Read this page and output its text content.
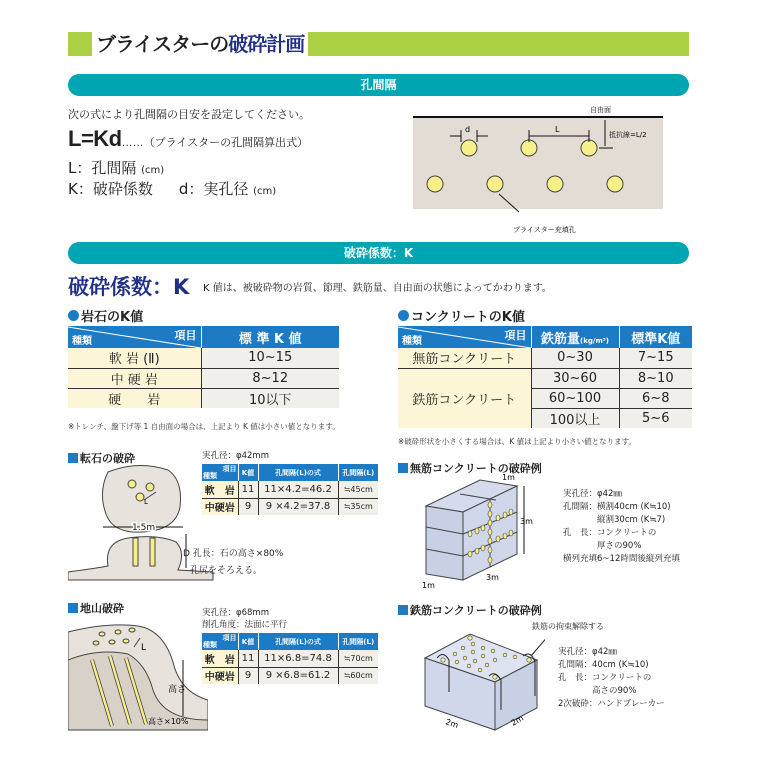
ブライスターの破砕計画
孔間隔
次の式により孔間隔の目安を設定してください。
L=Kd……（ブライスターの孔間隔算出式）
L：孔間隔 (cm)
K：破砕係数 d：実孔径 (cm)
d	L
自由面
抵抗線=L/2
ブライスター充填孔
破砕係数：K
破砕係数：K K 値は、被破砕物の岩質、節理、鉄筋量、自由面の状態によってかわります。
岩石のK値
項目
種類	標 準 K 値
軟 岩 (Ⅱ)	10~15
中 硬 岩	8~12
硬　　岩	10以下
※トレンチ、盤下げ等 1 自由面の場合は、上記より K 値は小さい値となります。
コンクリートのK値
項目
種類	鉄筋量(kg/m³)	標準K値
無筋コンクリート	0~30	7~15
鉄筋コンクリート	30~60	8~10
	60~100	6~8
	100以上	5~6
※破砕形状を小さくする場合は、K 値は上記より小さい値となります。
転石の破砕
L
1.5m
D 孔長：石の高さ×80%
孔尻をそろえる。
実孔径：φ42mm
項目
種類	K値	孔間隔(L)の式	孔間隔(L)
軟　岩	11	11×4.2=46.2	≒45cm
中硬岩	9	9 ×4.2=37.8	≒35cm
地山破砕
L
高さ
高さ×10%
実孔径：φ68mm
削孔角度：法面に平行
項目
種類	K値	孔間隔(L)の式	孔間隔(L)
軟　岩	11	11×6.8=74.8	≒70cm
中硬岩	9	9 ×6.8=61.2	≒60cm
無筋コンクリートの破砕例
1m
3m
3m
1m
実孔径：φ42㎜
孔間隔：横割40cm (K≒10)
　　　　縦割30cm (K≒7)
孔　長：コンクリートの
　　　　厚さの90%
横列充填6~12時間後縦列充填
鉄筋コンクリートの破砕例
鉄筋の拘束解除する
2m	2m
実孔径：φ42㎜
孔間隔：40cm (K≒10)
孔　長：コンクリートの
　　　　高さの90%
2次破砕：ハンドブレーカー
